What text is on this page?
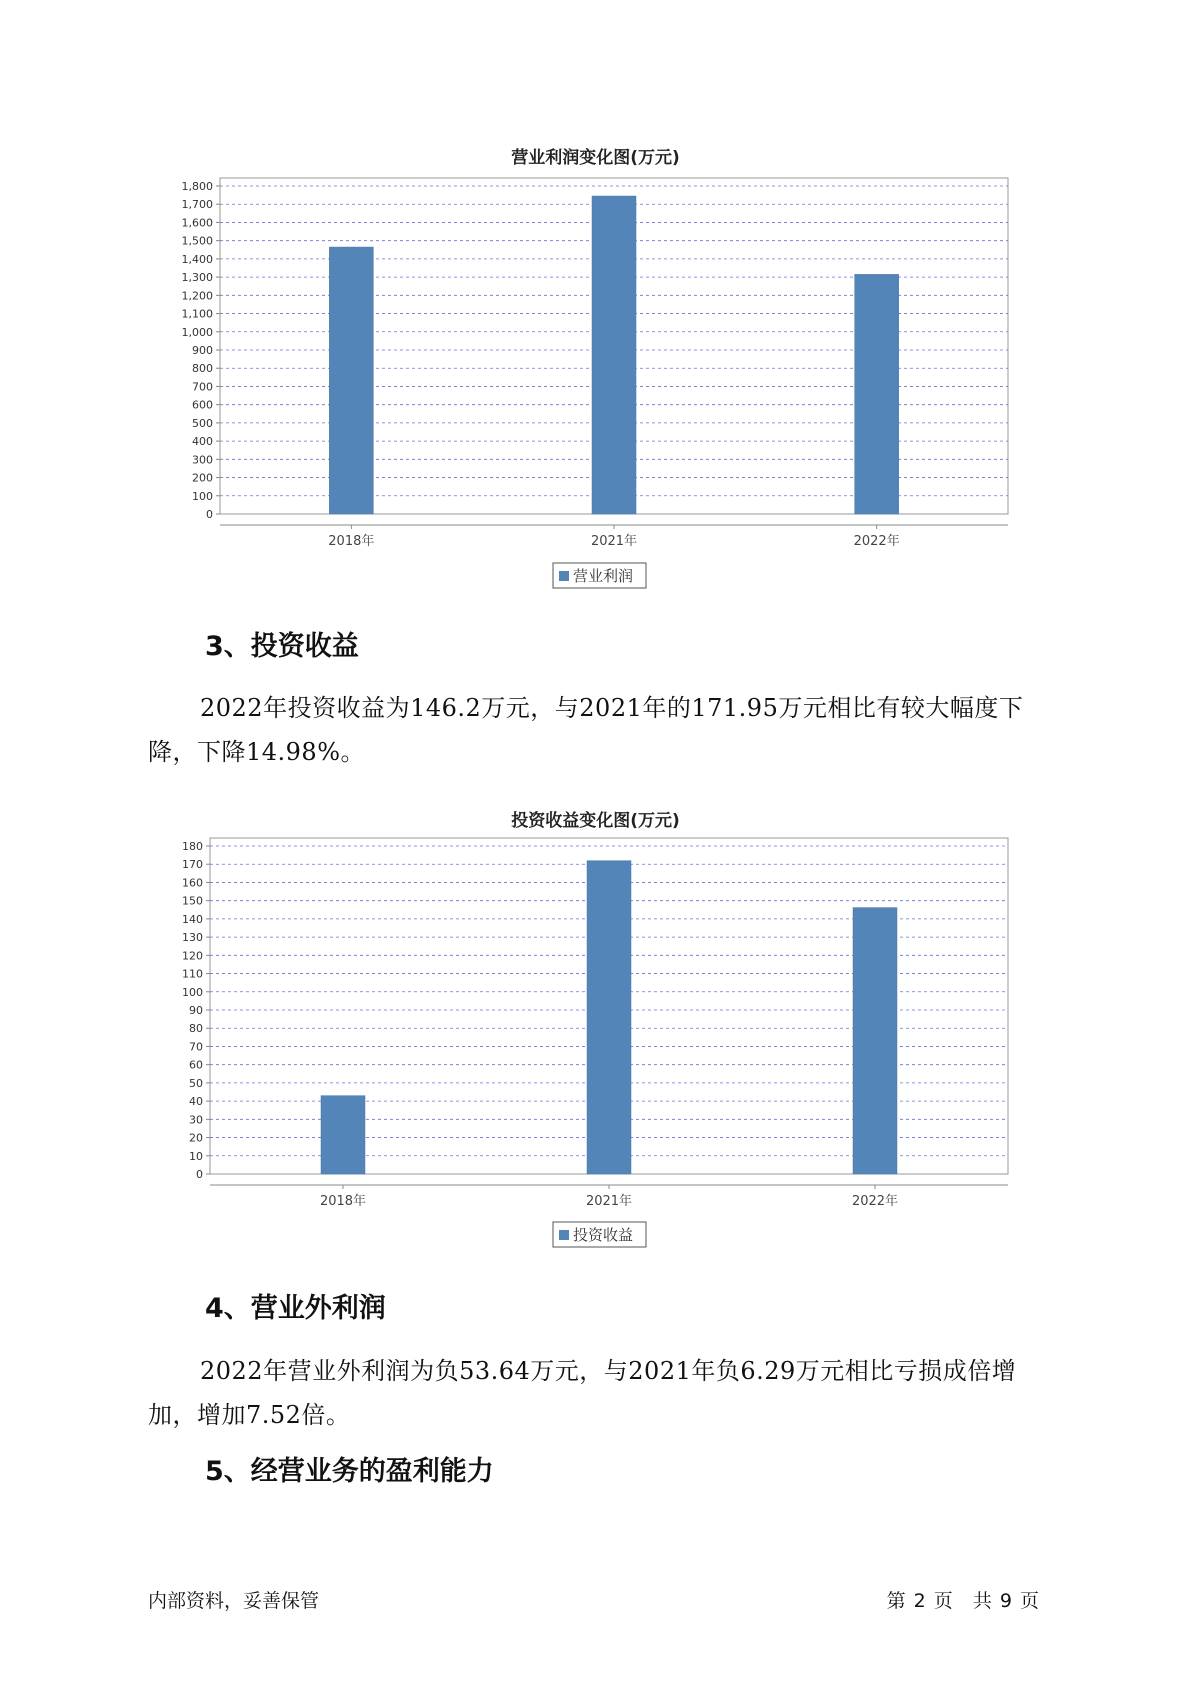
营业利润变化图(万元)
0
100
200
300
400
500
600
700
800
900
1,000
1,100
1,200
1,300
1,400
1,500
1,600
1,700
1,800
2018年	2021年	2022年
营业利润
3、投资收益

2022年投资收益为146.2万元，与2021年的171.95万元相比有较大幅度下降，下降14.98%。

投资收益变化图(万元)
0
10
20
30
40
50
60
70
80
90
100
110
120
130
140
150
160
170
180
2018年	2021年	2022年
投资收益
4、营业外利润

2022年营业外利润为负53.64万元，与2021年负6.29万元相比亏损成倍增加，增加7.52倍。

5、经营业务的盈利能力
内部资料，妥善保管	第 2 页 共 9 页
